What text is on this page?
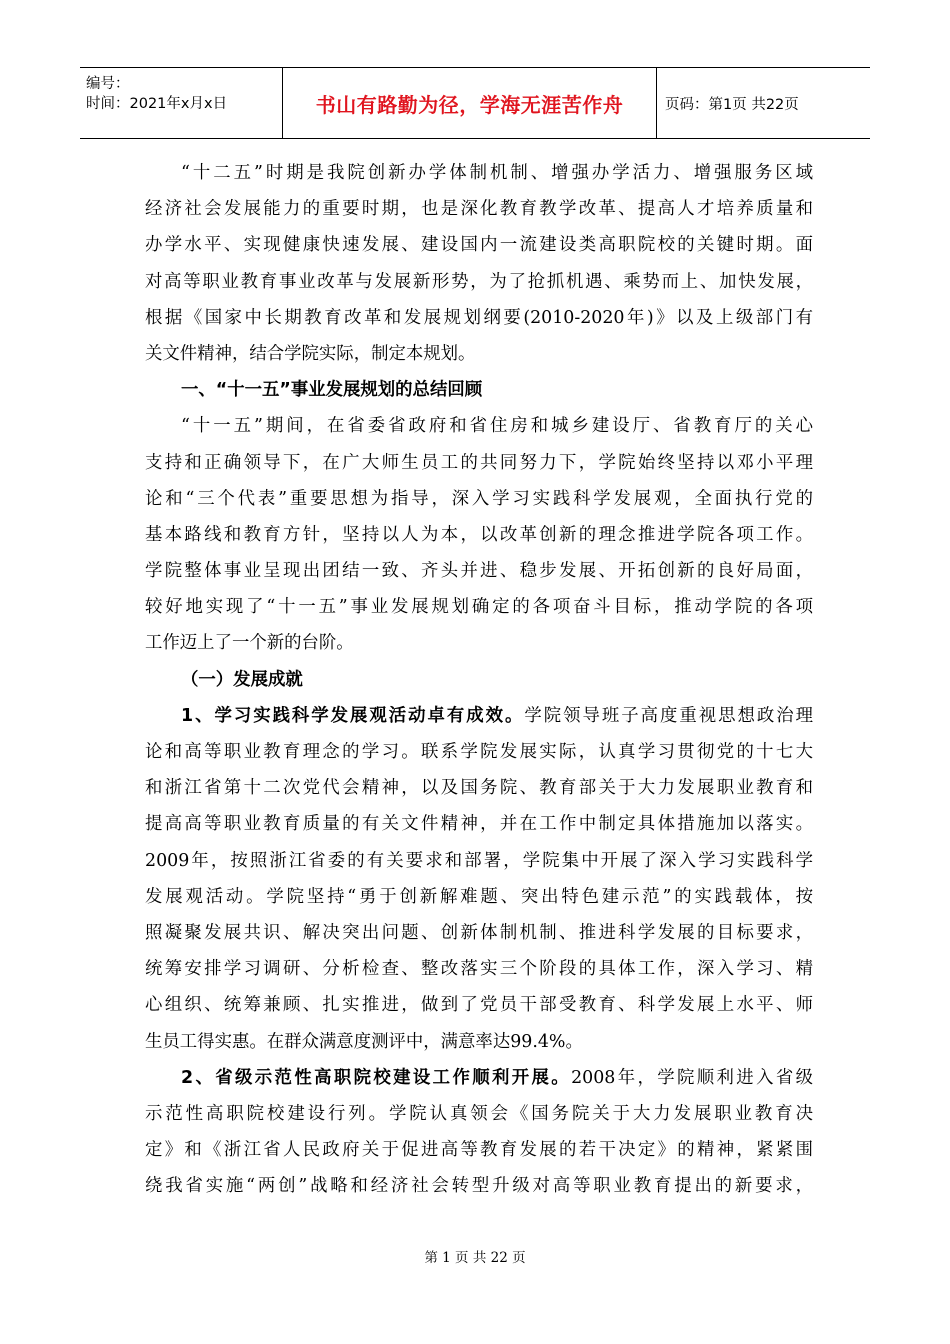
编号：
时间：2021年x月x日	书山有路勤为径，学海无涯苦作舟	页码：第1页 共22页
“十二五”时期是我院创新办学体制机制、增强办学活力、增强服务区域
经济社会发展能力的重要时期，也是深化教育教学改革、提高人才培养质量和
办学水平、实现健康快速发展、建设国内一流建设类高职院校的关键时期。面
对高等职业教育事业改革与发展新形势，为了抢抓机遇、乘势而上、加快发展，
根据《国家中长期教育改革和发展规划纲要(2010-2020年)》以及上级部门有
关文件精神，结合学院实际，制定本规划。
一、“十一五”事业发展规划的总结回顾
“十一五”期间，在省委省政府和省住房和城乡建设厅、省教育厅的关心
支持和正确领导下，在广大师生员工的共同努力下，学院始终坚持以邓小平理
论和“三个代表”重要思想为指导，深入学习实践科学发展观，全面执行党的
基本路线和教育方针，坚持以人为本，以改革创新的理念推进学院各项工作。
学院整体事业呈现出团结一致、齐头并进、稳步发展、开拓创新的良好局面，
较好地实现了“十一五”事业发展规划确定的各项奋斗目标，推动学院的各项
工作迈上了一个新的台阶。
（一）发展成就
1、学习实践科学发展观活动卓有成效。学院领导班子高度重视思想政治理
论和高等职业教育理念的学习。联系学院发展实际，认真学习贯彻党的十七大
和浙江省第十二次党代会精神，以及国务院、教育部关于大力发展职业教育和
提高高等职业教育质量的有关文件精神，并在工作中制定具体措施加以落实。
2009年，按照浙江省委的有关要求和部署，学院集中开展了深入学习实践科学
发展观活动。学院坚持“勇于创新解难题、突出特色建示范”的实践载体，按
照凝聚发展共识、解决突出问题、创新体制机制、推进科学发展的目标要求，
统筹安排学习调研、分析检查、整改落实三个阶段的具体工作，深入学习、精
心组织、统筹兼顾、扎实推进，做到了党员干部受教育、科学发展上水平、师
生员工得实惠。在群众满意度测评中，满意率达99.4%。
2、省级示范性高职院校建设工作顺利开展。2008年，学院顺利进入省级
示范性高职院校建设行列。学院认真领会《国务院关于大力发展职业教育决
定》和《浙江省人民政府关于促进高等教育发展的若干决定》的精神，紧紧围
绕我省实施“两创”战略和经济社会转型升级对高等职业教育提出的新要求，
第 1 页 共 22 页
